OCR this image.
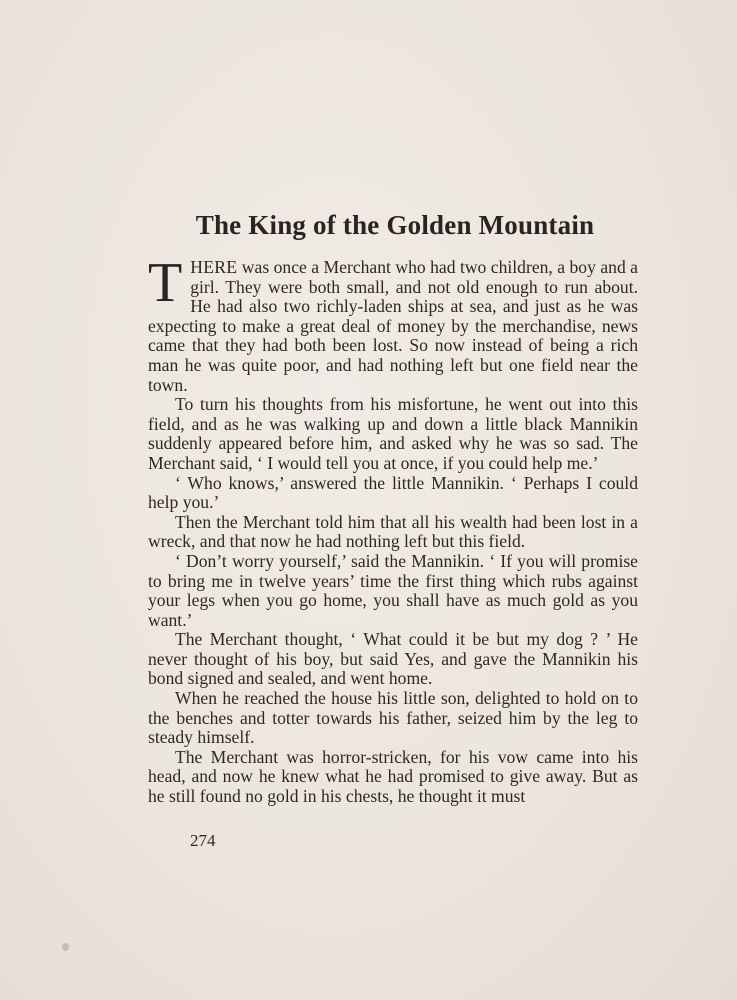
The King of the Golden Mountain

THERE was once a Merchant who had two children, a boy and a girl. They were both small, and not old enough to run about. He had also two richly-laden ships at sea, and just as he was expecting to make a great deal of money by the merchandise, news came that they had both been lost. So now instead of being a rich man he was quite poor, and had nothing left but one field near the town.

To turn his thoughts from his misfortune, he went out into this field, and as he was walking up and down a little black Mannikin suddenly appeared before him, and asked why he was so sad. The Merchant said, ‘ I would tell you at once, if you could help me.’

‘ Who knows,’ answered the little Mannikin. ‘ Perhaps I could help you.’

Then the Merchant told him that all his wealth had been lost in a wreck, and that now he had nothing left but this field.

‘ Don’t worry yourself,’ said the Mannikin. ‘ If you will promise to bring me in twelve years’ time the first thing which rubs against your legs when you go home, you shall have as much gold as you want.’

The Merchant thought, ‘ What could it be but my dog ? ’ He never thought of his boy, but said Yes, and gave the Mannikin his bond signed and sealed, and went home.

When he reached the house his little son, delighted to hold on to the benches and totter towards his father, seized him by the leg to steady himself.

The Merchant was horror-stricken, for his vow came into his head, and now he knew what he had promised to give away. But as he still found no gold in his chests, he thought it must

274
